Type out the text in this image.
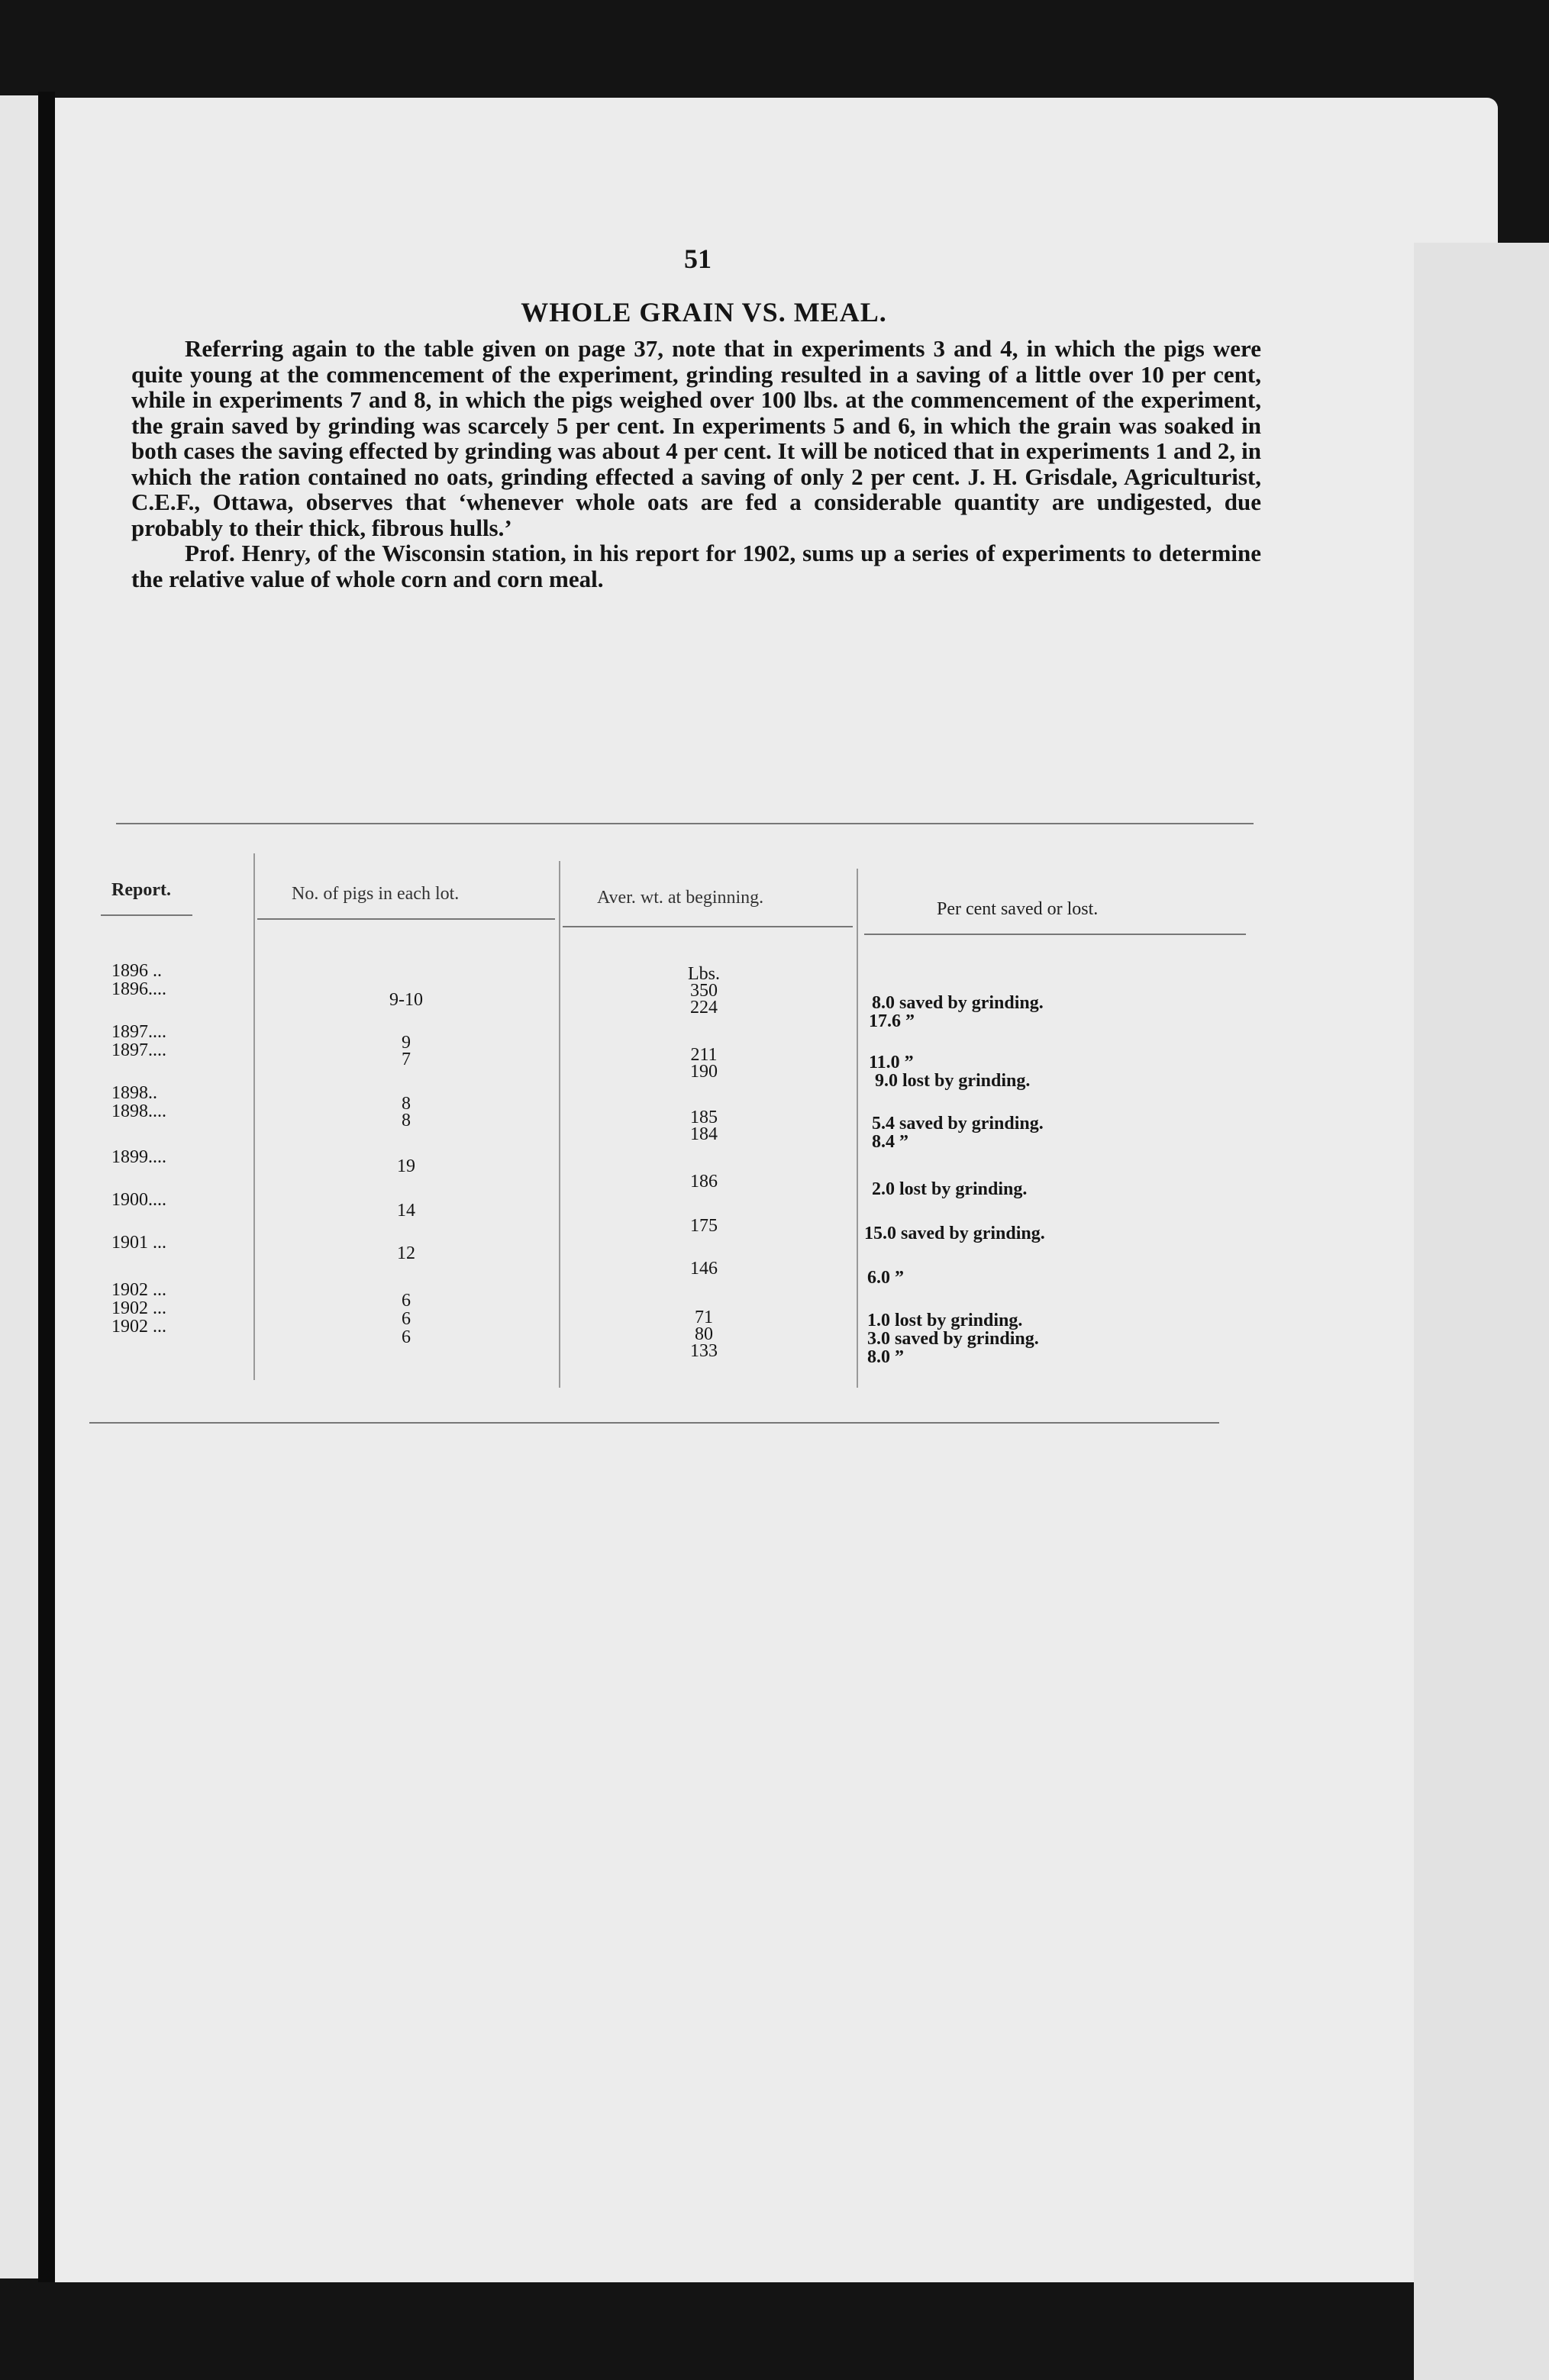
51
WHOLE GRAIN VS. MEAL.

Referring again to the table given on page 37, note that in experiments 3 and 4, in which the pigs were quite young at the commencement of the experiment, grinding resulted in a saving of a little over 10 per cent, while in experiments 7 and 8, in which the pigs weighed over 100 lbs. at the commencement of the experiment, the grain saved by grinding was scarcely 5 per cent. In experiments 5 and 6, in which the grain was soaked in both cases the saving effected by grinding was about 4 per cent. It will be noticed that in experiments 1 and 2, in which the ration contained no oats, grinding effected a saving of only 2 per cent. J. H. Grisdale, Agriculturist, C.E.F., Ottawa, observes that ‘whenever whole oats are fed a considerable quantity are undigested, due probably to their thick, fibrous hulls.’

Prof. Henry, of the Wisconsin station, in his report for 1902, sums up a series of experiments to determine the relative value of whole corn and corn meal.

Report.	No. of pigs in each lot.	Aver. wt. at beginning.
Per cent saved or lost.
1896 ..
1896....
1897....
1897....
1898..
1898....
1899....
1900....
1901 ...
1902 ...
1902 ...
1902 ...
9-10
9
7
8
8
19
14
12
6
6
6
Lbs.
350
224
211
190
185
184
186
175
146
71
80
133
8.0 saved by grinding.
17.6 ”
11.0 ”
9.0 lost by grinding.
5.4 saved by grinding.
8.4 ”
2.0 lost by grinding.
15.0 saved by grinding.
6.0 ”
1.0 lost by grinding.
3.0 saved by grinding.
8.0 ”
